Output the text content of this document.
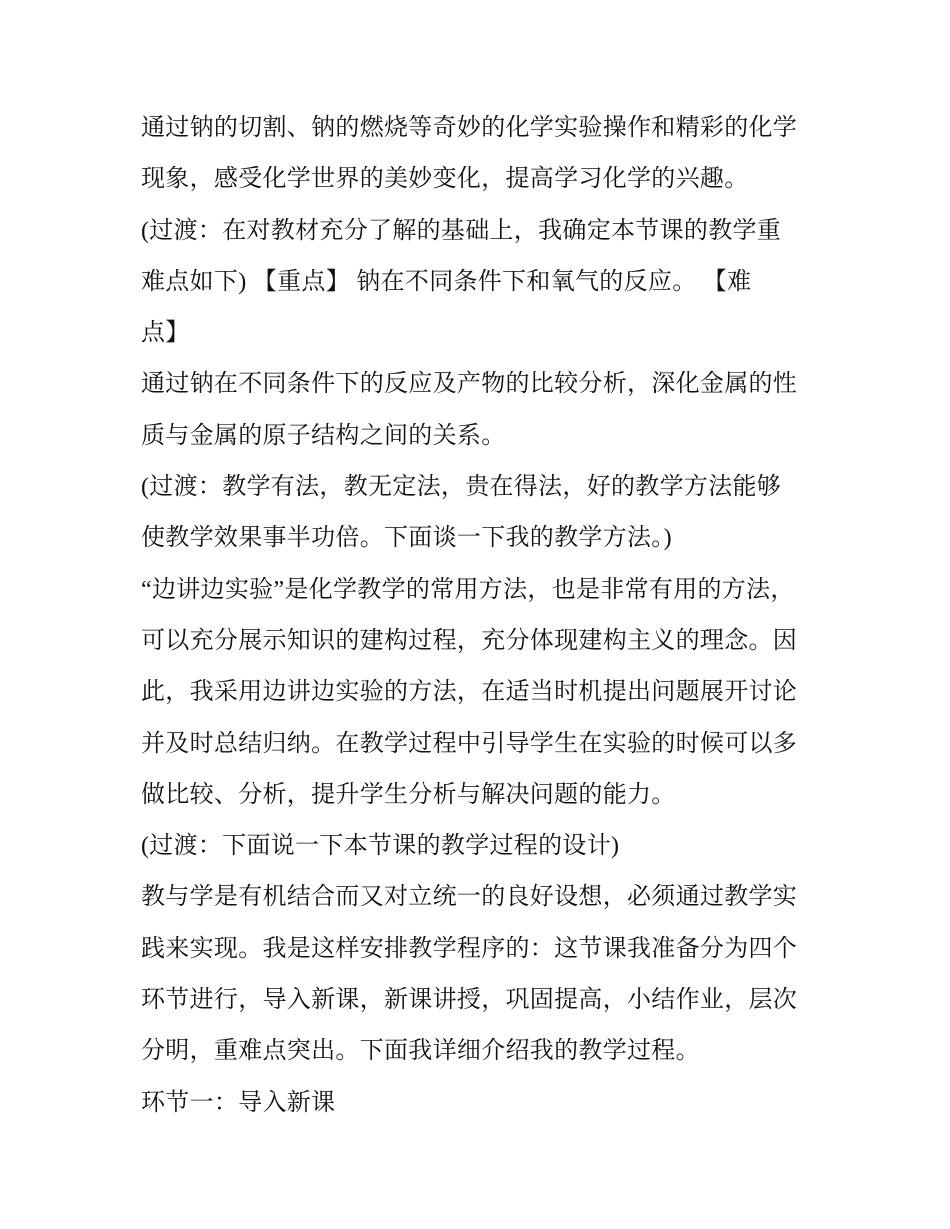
通过钠的切割、钠的燃烧等奇妙的化学实验操作和精彩的化学
现象，感受化学世界的美妙变化，提高学习化学的兴趣。
(过渡：在对教材充分了解的基础上，我确定本节课的教学重
难点如下) 【重点】 钠在不同条件下和氧气的反应。 【难
点】
通过钠在不同条件下的反应及产物的比较分析，深化金属的性
质与金属的原子结构之间的关系。
(过渡：教学有法，教无定法，贵在得法，好的教学方法能够
使教学效果事半功倍。下面谈一下我的教学方法。)
“边讲边实验”是化学教学的常用方法，也是非常有用的方法，
可以充分展示知识的建构过程，充分体现建构主义的理念。因
此，我采用边讲边实验的方法，在适当时机提出问题展开讨论
并及时总结归纳。在教学过程中引导学生在实验的时候可以多
做比较、分析，提升学生分析与解决问题的能力。
(过渡：下面说一下本节课的教学过程的设计)
教与学是有机结合而又对立统一的良好设想，必须通过教学实
践来实现。我是这样安排教学程序的：这节课我准备分为四个
环节进行，导入新课，新课讲授，巩固提高，小结作业，层次
分明，重难点突出。下面我详细介绍我的教学过程。
环节一：导入新课
